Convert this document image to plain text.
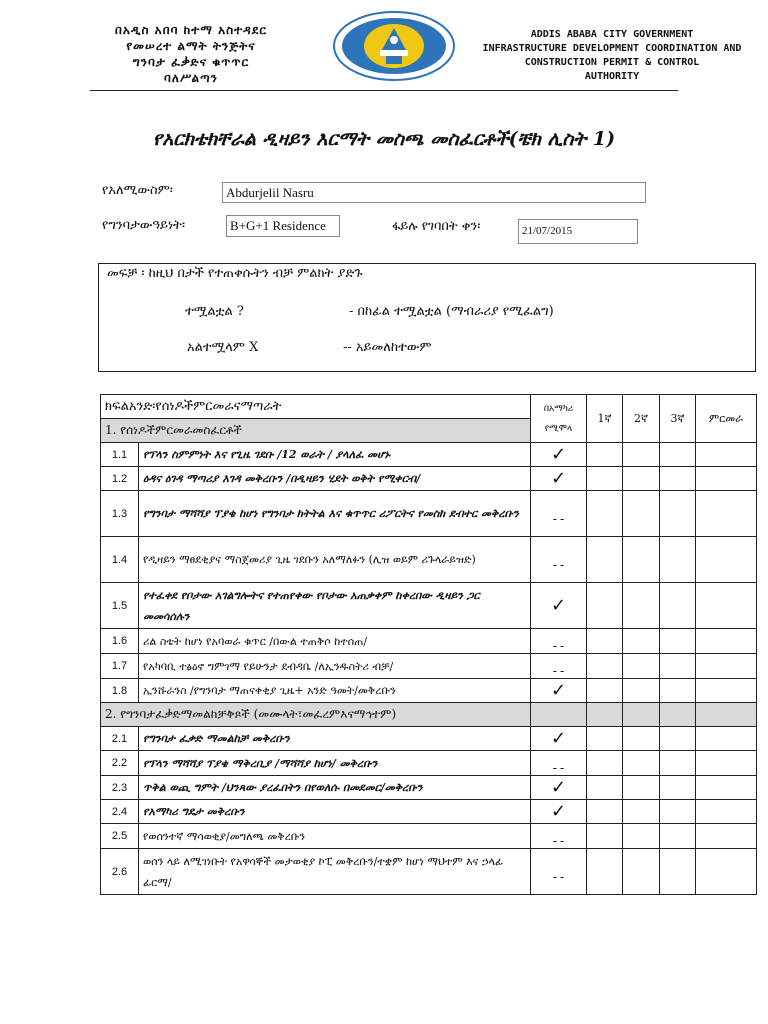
በአዲስ አበባ ከተማ አስተዳደር
የመሠረተ ልማት ትንጅትና
ግንባታ ፈቃድና ቁጥጥር
ባለሥልጣን
ADDIS ABABA CITY GOVERNMENT
INFRASTRUCTURE DEVELOPMENT COORDINATION AND
CONSTRUCTION PERMIT & CONTROL
AUTHORITY
የአርክቴክቸራል ዲዛይን እርማት መስጫ መስፈርቶች(ቼክ ሊስት 1)
የአለሚውስም፡	Abdurjelil Nasru
የግንባታውዓይነት፡	B+G+1 Residence	ፋይሉ የገባበት ቀን፡	21/07/2015
መፍቻ ፡ ከዚህ በታች የተጠቀሱትን ብቻ ምልክት ያድጉ
ተሟልቷል ?	- በከፊል ተሟልቷል (ማብራሪያ የሚፈልግ)
አልተሟላም X	-- አይመለከተውም
ክፍልአንድ፡የሰነዶችምርመራናማጣራት		በአማካሪ
የሚሞላ	1ኛ	2ኛ	3ኛ	ምርመራ
1. የሰነዶችምርመራመስፈርቶች						
1.1	የፕላን ስምምነት እና የጊዜ ገደቡ /12 ወራት / ያላለፈ መሆኑ	✓				
1.2	ዕዳና ዕገዳ ማጣሪያ እገዳ መቅረቡን /በዲዛይን ሂደት ወቅት የሚቀርብ/	✓				
1.3	የግንባታ ማሻሻያ ፕያቄ ከሆነ የግንባታ ክትትል እና ቁጥጥር ሪፖርትና የመስክ ደብተር መቅረቡን	--				
1.4	የዲዛይን ማፀደቂያና ማስጀመሪያ ጊዜ ገደቡን አለማለፉን (ሊዝ ወይም ሪጉላራይዝድ)	--				
1.5	የተፈቀደ የቦታው አገልግሎትና የተጠየቀው የቦታው አጠቃቀም ከቀረበው ዲዛይን ጋር መመሳሰሉን	✓				
1.6	ሪል ስቴት ከሆነ የአባወራ ቁጥር /በውል ተጠቅሶ ከተሰጠ/	--				
1.7	የአካባቢ ተፅዕኖ ግምገማ የይሁንታ ደብዳቤ /ለኢንዱስትሪ ብቻ/	--				
1.8	ኢንሹራንስ /የግንባታ ማጠናቀቂያ ጊዜ+ አንድ ዓመት/መቅረቡን	✓				
2. የግንባታፈቃድማመልከቻቅጾች (መሙላት፣መፈረምእናማኅተም)						
2.1	የግንባታ ፈቃድ ማመልከቻ መቅረቡን	✓				
2.2	የፕላን ማሻሻያ ፕያቄ ማቅረቢያ /ማሻሻያ ከሆነ/ መቅረቡን	--				
2.3	ጥቅል ወጪ ግምት /ህንጻው ያረፈበትን በየወለሱ በመደመር/መቅረቡን	✓				
2.4	የአማካሪ ግዴታ መቅረቡን	✓				
2.5	የወሰንተኛ ማሳወቂያ/መግለጫ መቅረቡን	--				
2.6	ወሰን ላይ ለሚገነቡት የአዋሳኞች መታወቂያ ኮፒ መቅረቡን/ተቋም ከሆነ ማህተም እና ኃላፊ ፊርማ/	--				
